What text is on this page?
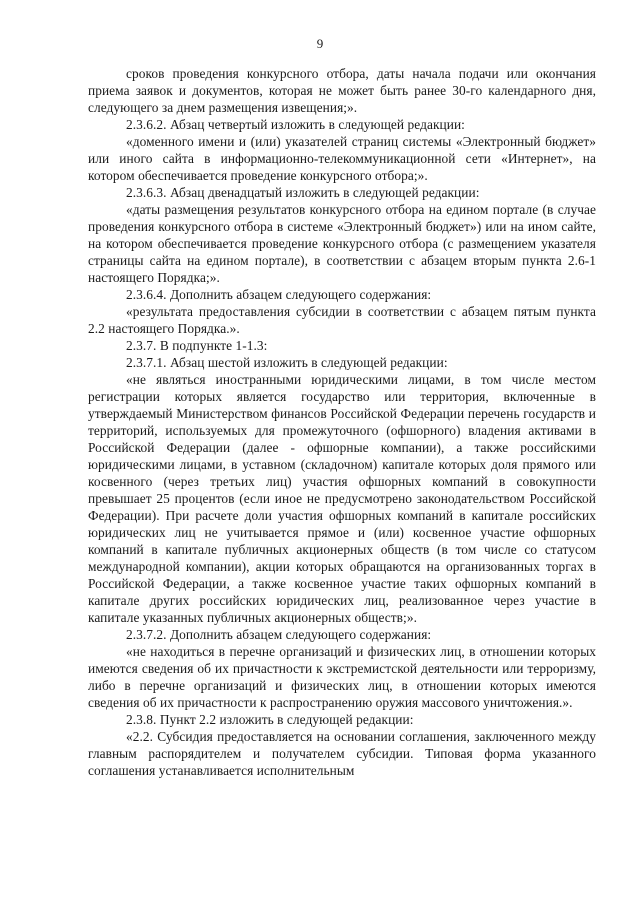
9

сроков проведения конкурсного отбора, даты начала подачи или окончания приема заявок и документов, которая не может быть ранее 30-го календарного дня, следующего за днем размещения извещения;».

2.3.6.2. Абзац четвертый изложить в следующей редакции:

«доменного имени и (или) указателей страниц системы «Электронный бюджет» или иного сайта в информационно-телекоммуникационной сети «Интернет», на котором обеспечивается проведение конкурсного отбора;».

2.3.6.3. Абзац двенадцатый изложить в следующей редакции:

«даты размещения результатов конкурсного отбора на едином портале (в случае проведения конкурсного отбора в системе «Электронный бюджет») или на ином сайте, на котором обеспечивается проведение конкурсного отбора (с размещением указателя страницы сайта на едином портале), в соответствии с абзацем вторым пункта 2.6-1 настоящего Порядка;».

2.3.6.4. Дополнить абзацем следующего содержания:

«результата предоставления субсидии в соответствии с абзацем пятым пункта 2.2 настоящего Порядка.».

2.3.7. В подпункте 1-1.3:

2.3.7.1. Абзац шестой изложить в следующей редакции:

«не являться иностранными юридическими лицами, в том числе местом регистрации которых является государство или территория, включенные в утверждаемый Министерством финансов Российской Федерации перечень государств и территорий, используемых для промежуточного (офшорного) владения активами в Российской Федерации (далее - офшорные компании), а также российскими юридическими лицами, в уставном (складочном) капитале которых доля прямого или косвенного (через третьих лиц) участия офшорных компаний в совокупности превышает 25 процентов (если иное не предусмотрено законодательством Российской Федерации). При расчете доли участия офшорных компаний в капитале российских юридических лиц не учитывается прямое и (или) косвенное участие офшорных компаний в капитале публичных акционерных обществ (в том числе со статусом международной компании), акции которых обращаются на организованных торгах в Российской Федерации, а также косвенное участие таких офшорных компаний в капитале других российских юридических лиц, реализованное через участие в капитале указанных публичных акционерных обществ;».

2.3.7.2. Дополнить абзацем следующего содержания:

«не находиться в перечне организаций и физических лиц, в отношении которых имеются сведения об их причастности к экстремистской деятельности или терроризму, либо в перечне организаций и физических лиц, в отношении которых имеются сведения об их причастности к распространению оружия массового уничтожения.».

2.3.8. Пункт 2.2 изложить в следующей редакции:

«2.2. Субсидия предоставляется на основании соглашения, заключенного между главным распорядителем и получателем субсидии. Типовая форма указанного соглашения устанавливается исполнительным
